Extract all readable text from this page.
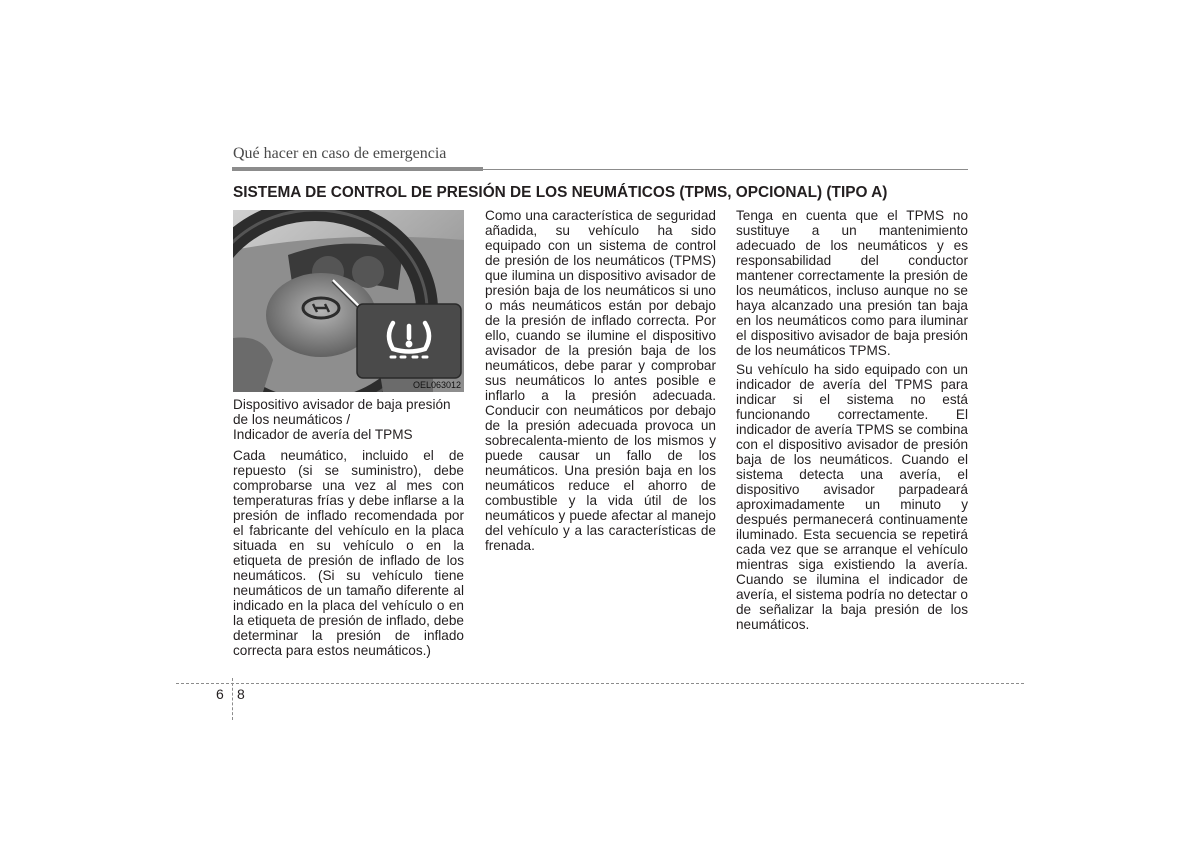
Qué hacer en caso de emergencia
SISTEMA DE CONTROL DE PRESIÓN DE LOS NEUMÁTICOS (TPMS, OPCIONAL) (TIPO A)
OEL063012
Dispositivo avisador de baja presión
de los neumáticos /
Indicador de avería del TPMS

Cada neumático, incluido el de repuesto (si se suministro), debe comprobarse una vez al mes con temperaturas frías y debe inflarse a la presión de inflado recomendada por el fabricante del vehículo en la placa situada en su vehículo o en la etiqueta de presión de inflado de los neumáticos. (Si su vehículo tiene neumáticos de un tamaño diferente al indicado en la placa del vehículo o en la etiqueta de presión de inflado, debe determinar la presión de inflado correcta para estos neumáticos.)

Como una característica de seguridad añadida, su vehículo ha sido equipado con un sistema de control de presión de los neumáticos (TPMS) que ilumina un dispositivo avisador de presión baja de los neumáticos si uno o más neumáticos están por debajo de la presión de inflado correcta. Por ello, cuando se ilumine el dispositivo avisador de la presión baja de los neumáticos, debe parar y comprobar sus neumáticos lo antes posible e inflarlo a la presión adecuada. Conducir con neumáticos por debajo de la presión adecuada provoca un sobrecalenta-miento de los mismos y puede causar un fallo de los neumáticos. Una presión baja en los neumáticos reduce el ahorro de combustible y la vida útil de los neumáticos y puede afectar al manejo del vehículo y a las características de frenada.

Tenga en cuenta que el TPMS no sustituye a un mantenimiento adecuado de los neumáticos y es responsabilidad del conductor mantener correctamente la presión de los neumáticos, incluso aunque no se haya alcanzado una presión tan baja en los neumáticos como para iluminar el dispositivo avisador de baja presión de los neumáticos TPMS.

Su vehículo ha sido equipado con un indicador de avería del TPMS para indicar si el sistema no está funcionando correctamente. El indicador de avería TPMS se combina con el dispositivo avisador de presión baja de los neumáticos. Cuando el sistema detecta una avería, el dispositivo avisador parpadeará aproximadamente un minuto y después permanecerá continuamente iluminado. Esta secuencia se repetirá cada vez que se arranque el vehículo mientras siga existiendo la avería. Cuando se ilumina el indicador de avería, el sistema podría no detectar o de señalizar la baja presión de los neumáticos.

6 8
